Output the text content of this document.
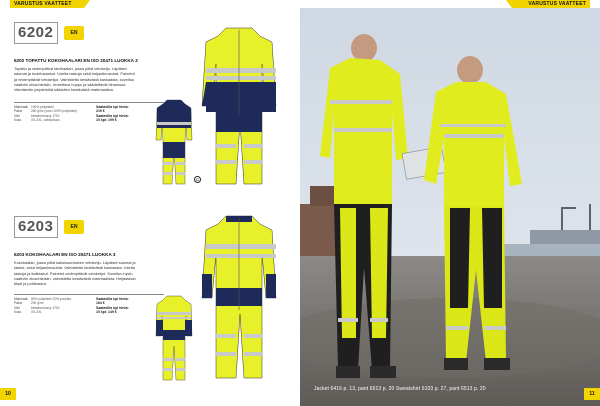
VARUSTUS VAATTEET	VARUSTUS VAATTEET
6202	EN
6202 TOPATTU KOKOHAALARI EN ISO 20471 LUOKKA 3
Topattu ja vedenpitävä talvihaalari, jossa pitkä vetoketju. Läpäiset saumat ja tuuletusaukot. Useita taskuja sekä heijastinnauhat. Painetut ja vedenpitävät vetoketjut. Valmistettu kestävästä kankaasta, soveltuu vaativiin olosuhteisiin. Irrotettava huppu ja säädettävät hihansuut. Valmistettu ympäristöä säästäen kestävästä materiaalista.
Materiaali 100% polyesteri
Paino	260 g/m² (vuori 100% polyesteri)
Väri	keltainen/navy 1700
Koko	XS-4XL, vakiopituus
Saatavilla kpl hinta:
219 €
Saatavilla kpl hinta:
10 kpl: 199 €
C
6203	EN
6203 KOKOHAALARI EN ISO 20471 LUOKKA 3
Kokohaalari, jossa pitkä kaksisuuntainen vetoketju. Läpäiset saumat ja taskut, sekä heijastinnauhat. Valmistettu kestävästä kankaasta. Useita taskuja ja lisätaskut. Painetut vedenpitävät vetoketjut. Soveltuu hyvin vaativiin olosuhteisiin, valmistettu kestävästä materiaalista. Heijastavat teipit ja polvitaskut.
Materiaali 80% polyesteri 20% puuvilla
Paino	290 g/m²
Väri	keltainen/navy 1700
Koko	XS-4XL
Saatavilla kpl hinta:
164 €
Saatavilla kpl hinta:
10 kpl: 149 €
Jacket 6416 p. 13, pant 6513 p. 20 Sweatshirt 6103 p. 27, pant 6513 p. 20
10	11
